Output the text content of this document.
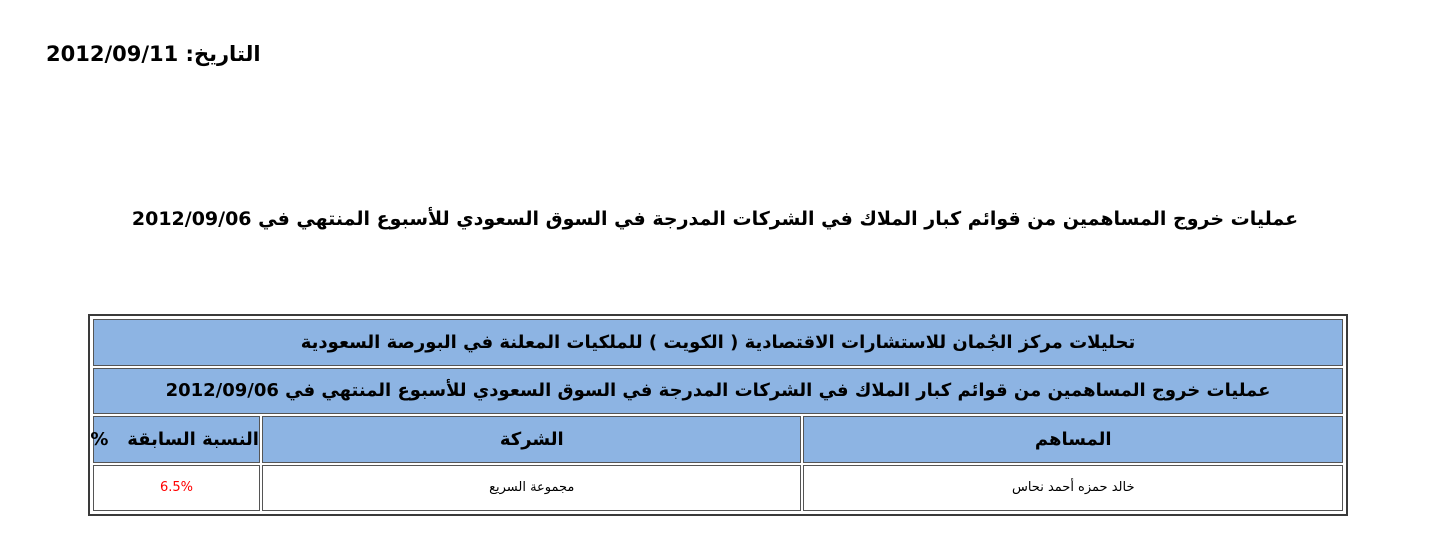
التاريخ: 2012/09/11
عمليات خروج المساهمين من قوائم كبار الملاك في الشركات المدرجة في السوق السعودي للأسبوع المنتهي في 2012/09/06
تحليلات مركز الجُمان للاستشارات الاقتصادية ( الكويت ) للملكيات المعلنة في البورصة السعودية		
عمليات خروج المساهمين من قوائم كبار الملاك في الشركات المدرجة في السوق السعودي للأسبوع المنتهي في 2012/09/06		
المساهم	الشركة	النسبة السابقة   %
خالد حمزه أحمد نحاس	مجموعة السريع	6.5%
